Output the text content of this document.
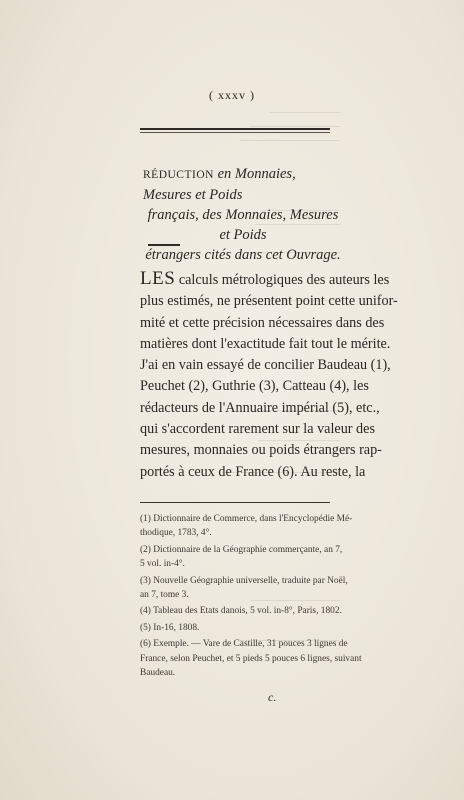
( xxxv )
RÉDUCTION en Monnaies, Mesures et Poids
français, des Monnaies, Mesures et Poids
étrangers cités dans cet Ouvrage.
LES calculs métrologiques des auteurs les
plus estimés, ne présentent point cette unifor-
mité et cette précision nécessaires dans des
matières dont l'exactitude fait tout le mérite.
J'ai en vain essayé de concilier Baudeau (1),
Peuchet (2), Guthrie (3), Catteau (4), les
rédacteurs de l'Annuaire impérial (5), etc.,
qui s'accordent rarement sur la valeur des
mesures, monnaies ou poids étrangers rap-
portés à ceux de France (6). Au reste, la
(1) Dictionnaire de Commerce, dans l'Encyclopédie Mé-
thodique, 1783, 4°.
(2) Dictionnaire de la Géographie commerçante, an 7,
5 vol. in-4°.
(3) Nouvelle Géographie universelle, traduite par Noël,
an 7, tome 3.
(4) Tableau des Etats danois, 5 vol. in-8°, Paris, 1802.
(5) In-16, 1808.
(6) Exemple. — Vare de Castille, 31 pouces 3 lignes de
France, selon Peuchet, et 5 pieds 5 pouces 6 lignes, suivant
Baudeau.
c.
